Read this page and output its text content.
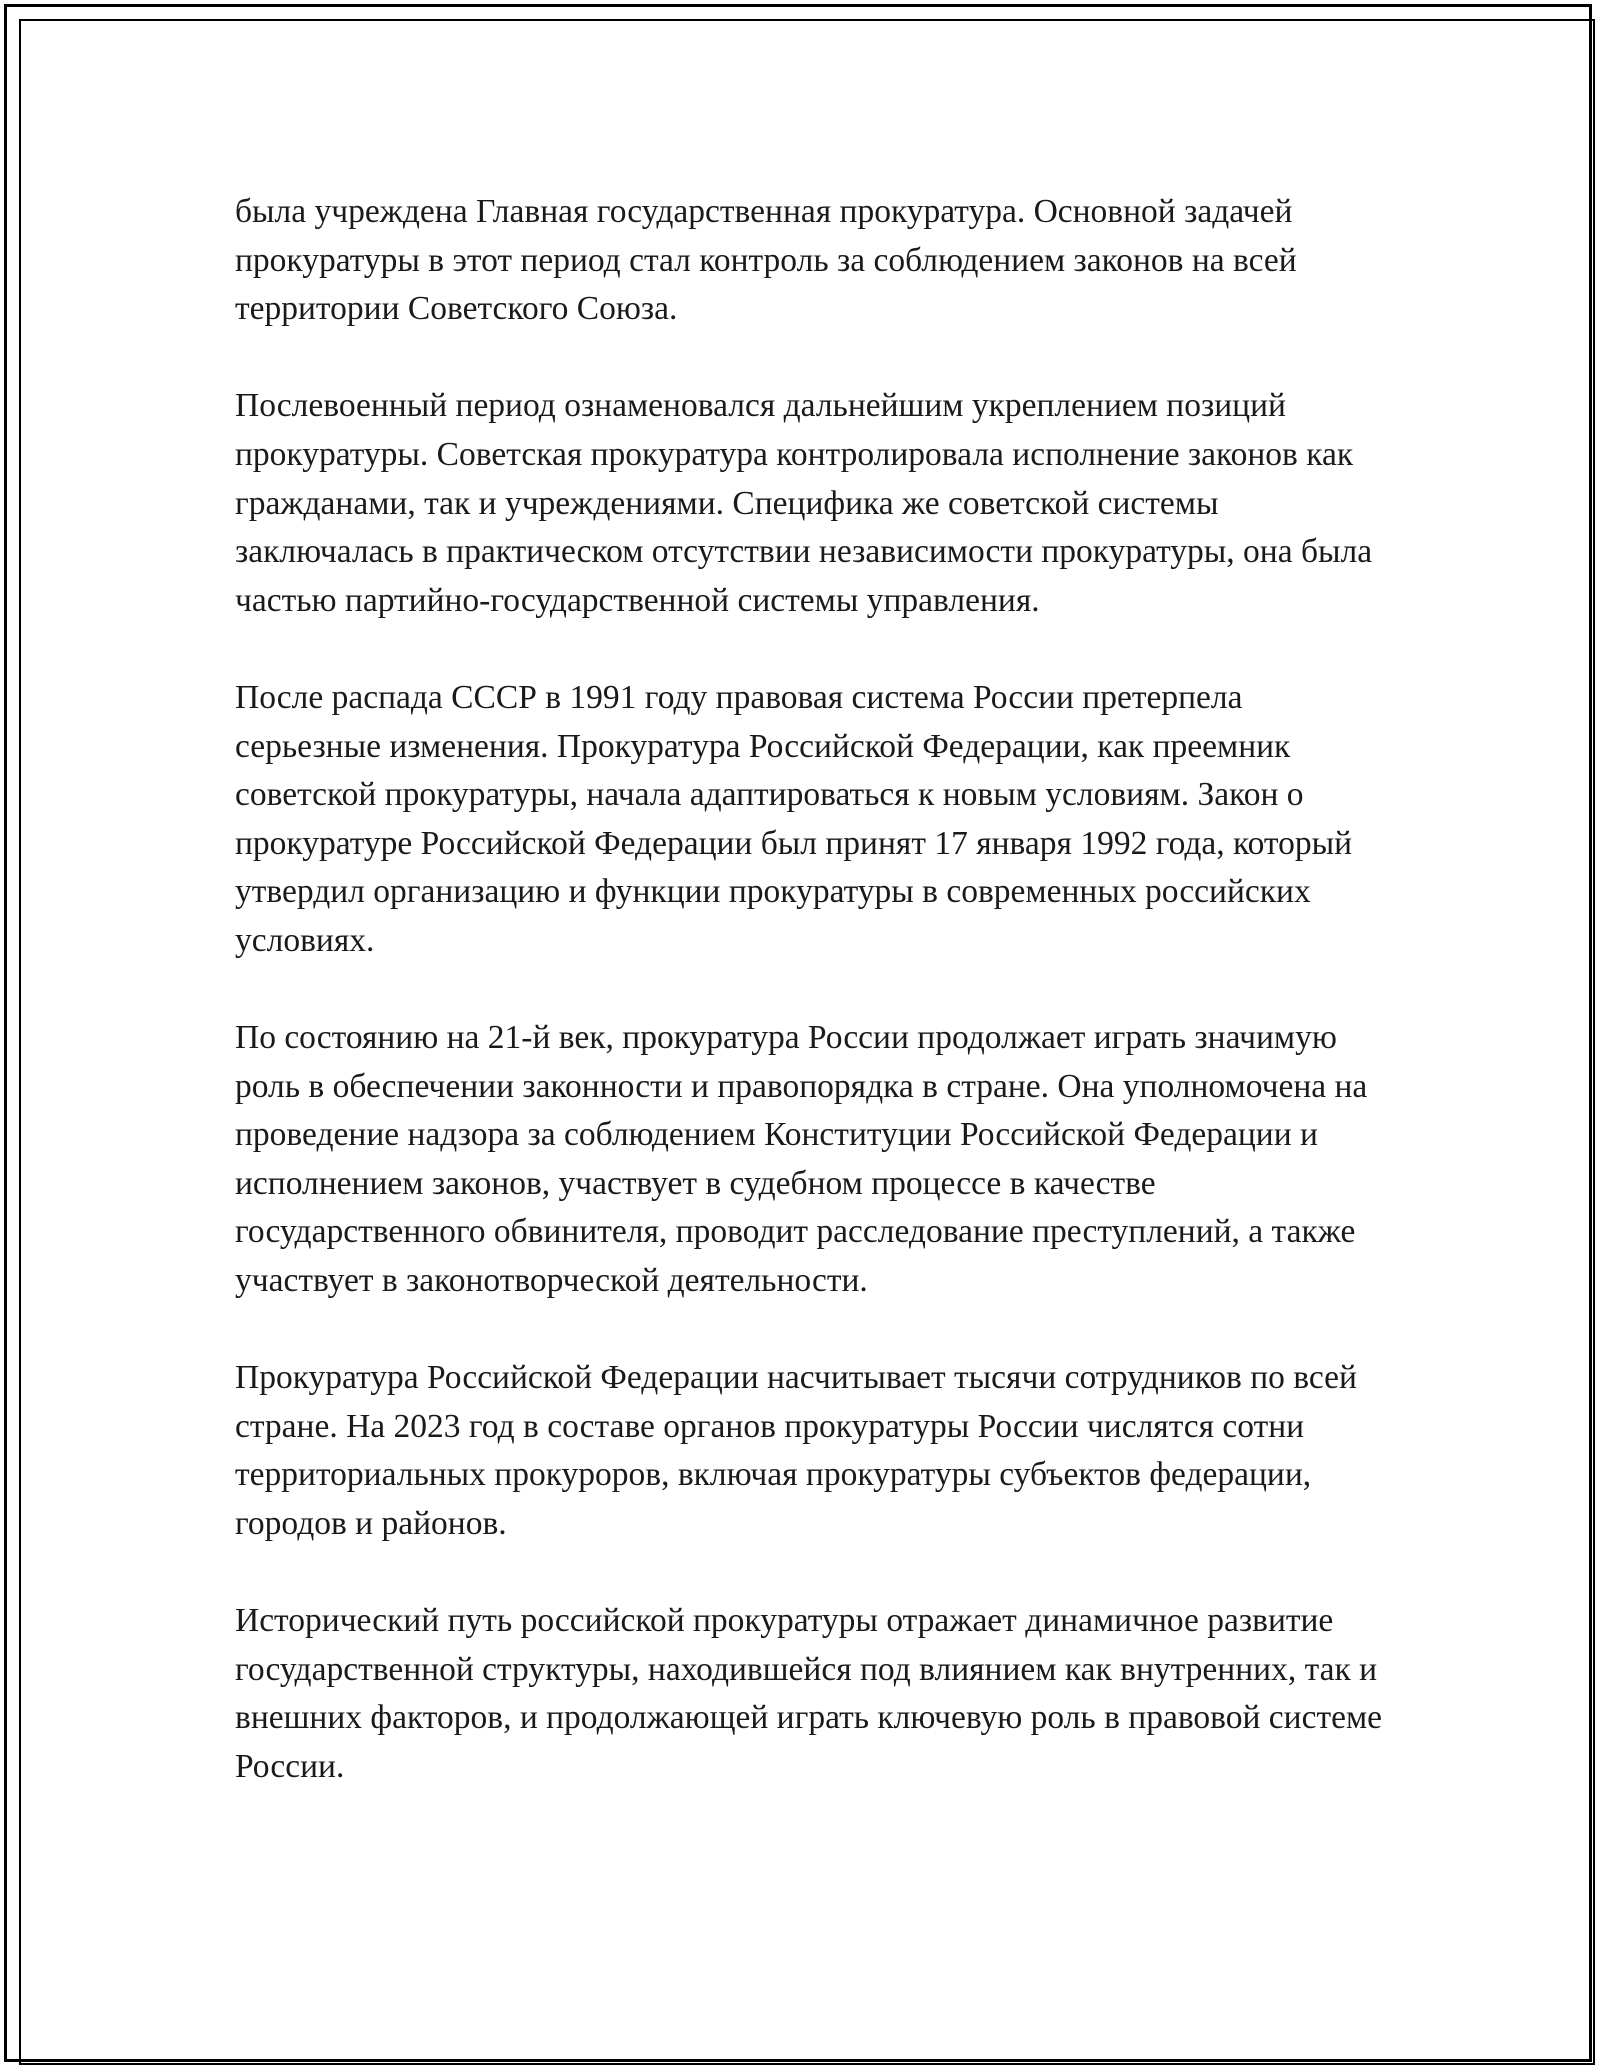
была учреждена Главная государственная прокуратура. Основной задачей прокуратуры в этот период стал контроль за соблюдением законов на всей территории Советского Союза.

Послевоенный период ознаменовался дальнейшим укреплением позиций прокуратуры. Советская прокуратура контролировала исполнение законов как гражданами, так и учреждениями. Специфика же советской системы заключалась в практическом отсутствии независимости прокуратуры, она была частью партийно-государственной системы управления.

После распада СССР в 1991 году правовая система России претерпела серьезные изменения. Прокуратура Российской Федерации, как преемник советской прокуратуры, начала адаптироваться к новым условиям. Закон о прокуратуре Российской Федерации был принят 17 января 1992 года, который утвердил организацию и функции прокуратуры в современных российских условиях.

По состоянию на 21-й век, прокуратура России продолжает играть значимую роль в обеспечении законности и правопорядка в стране. Она уполномочена на проведение надзора за соблюдением Конституции Российской Федерации и исполнением законов, участвует в судебном процессе в качестве государственного обвинителя, проводит расследование преступлений, а также участвует в законотворческой деятельности.

Прокуратура Российской Федерации насчитывает тысячи сотрудников по всей стране. На 2023 год в составе органов прокуратуры России числятся сотни территориальных прокуроров, включая прокуратуры субъектов федерации, городов и районов.

Исторический путь российской прокуратуры отражает динамичное развитие государственной структуры, находившейся под влиянием как внутренних, так и внешних факторов, и продолжающей играть ключевую роль в правовой системе России.
